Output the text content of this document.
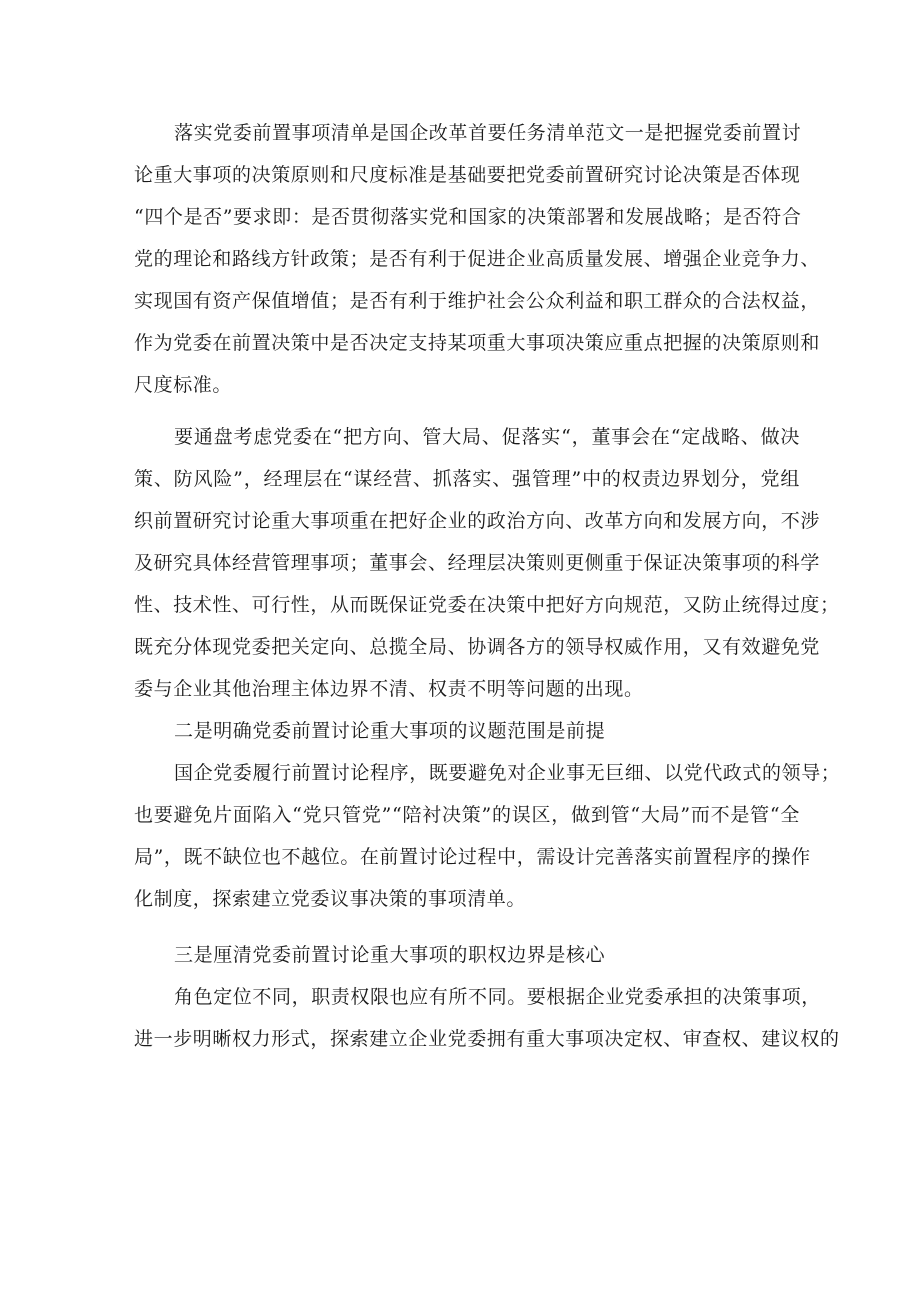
落实党委前置事项清单是国企改革首要任务清单范文一是把握党委前置讨
论重大事项的决策原则和尺度标准是基础要把党委前置研究讨论决策是否体现
“四个是否”要求即：是否贯彻落实党和国家的决策部署和发展战略；是否符合
党的理论和路线方针政策；是否有利于促进企业高质量发展、增强企业竞争力、
实现国有资产保值增值；是否有利于维护社会公众利益和职工群众的合法权益，
作为党委在前置决策中是否决定支持某项重大事项决策应重点把握的决策原则和
尺度标准。
要通盘考虑党委在“把方向、管大局、促落实“，董事会在“定战略、做决
策、防风险”，经理层在“谋经营、抓落实、强管理”中的权责边界划分，党组
织前置研究讨论重大事项重在把好企业的政治方向、改革方向和发展方向，不涉
及研究具体经营管理事项；董事会、经理层决策则更侧重于保证决策事项的科学
性、技术性、可行性，从而既保证党委在决策中把好方向规范，又防止统得过度；
既充分体现党委把关定向、总揽全局、协调各方的领导权威作用，又有效避免党
委与企业其他治理主体边界不清、权责不明等问题的出现。
二是明确党委前置讨论重大事项的议题范围是前提
国企党委履行前置讨论程序，既要避免对企业事无巨细、以党代政式的领导；
也要避免片面陷入“党只管党”“陪衬决策”的误区，做到管“大局”而不是管“全
局”，既不缺位也不越位。在前置讨论过程中，需设计完善落实前置程序的操作
化制度，探索建立党委议事决策的事项清单。
三是厘清党委前置讨论重大事项的职权边界是核心
角色定位不同，职责权限也应有所不同。要根据企业党委承担的决策事项，
进一步明晰权力形式，探索建立企业党委拥有重大事项决定权、审查权、建议权的
